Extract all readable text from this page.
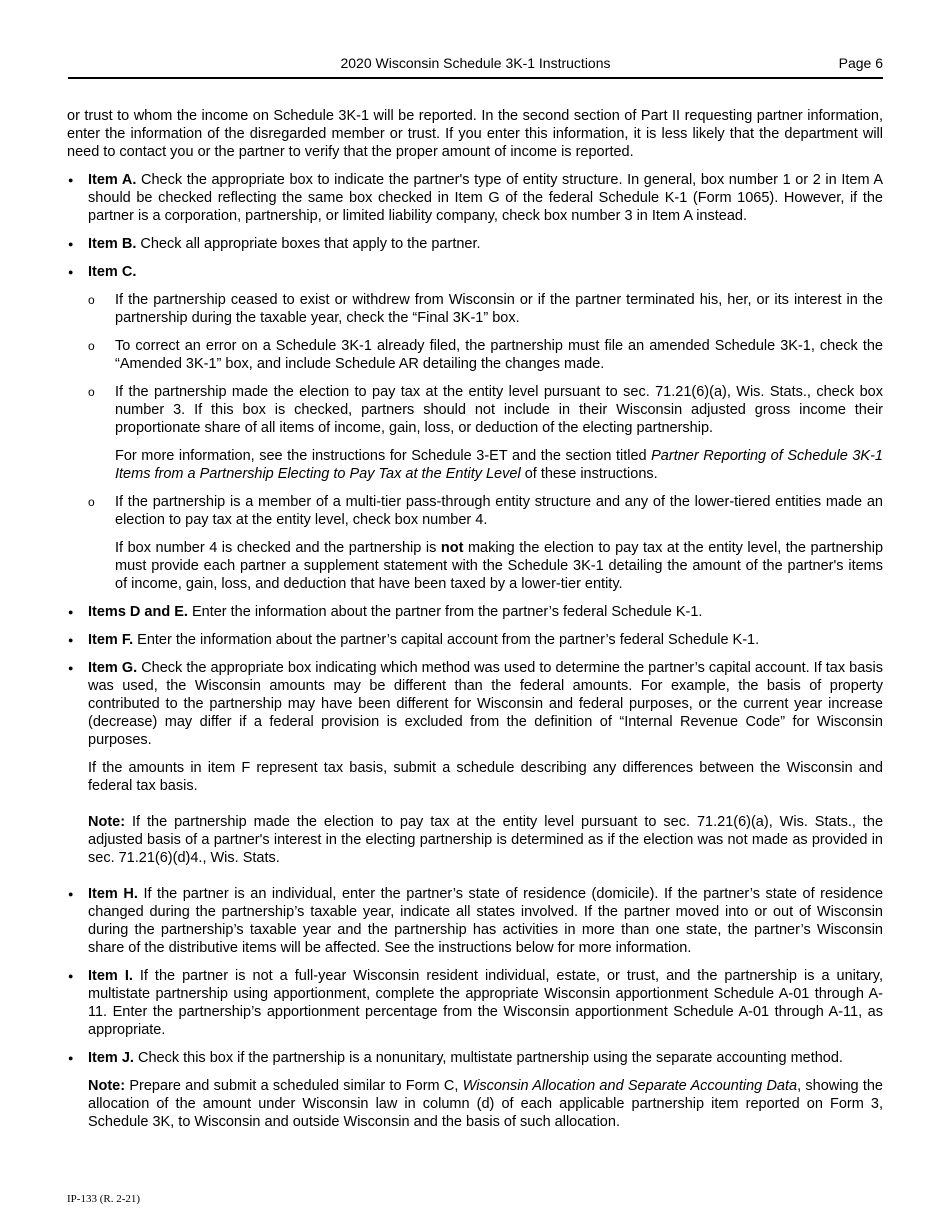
2020 Wisconsin Schedule 3K-1 Instructions	Page 6

or trust to whom the income on Schedule 3K-1 will be reported. In the second section of Part II requesting partner information, enter the information of the disregarded member or trust. If you enter this information, it is less likely that the department will need to contact you or the partner to verify that the proper amount of income is reported.

● Item A. Check the appropriate box to indicate the partner's type of entity structure. In general, box number 1 or 2 in Item A should be checked reflecting the same box checked in Item G of the federal Schedule K-1 (Form 1065). However, if the partner is a corporation, partnership, or limited liability company, check box number 3 in Item A instead.
● Item B. Check all appropriate boxes that apply to the partner.
● Item C.

o If the partnership ceased to exist or withdrew from Wisconsin or if the partner terminated his, her, or its interest in the partnership during the taxable year, check the “Final 3K-1” box.

o To correct an error on a Schedule 3K-1 already filed, the partnership must file an amended Schedule 3K-1, check the “Amended 3K-1” box, and include Schedule AR detailing the changes made.

o If the partnership made the election to pay tax at the entity level pursuant to sec. 71.21(6)(a), Wis. Stats., check box number 3. If this box is checked, partners should not include in their Wisconsin adjusted gross income their proportionate share of all items of income, gain, loss, or deduction of the electing partnership.

For more information, see the instructions for Schedule 3-ET and the section titled Partner Reporting of Schedule 3K-1 Items from a Partnership Electing to Pay Tax at the Entity Level of these instructions.

o If the partnership is a member of a multi-tier pass-through entity structure and any of the lower-tiered entities made an election to pay tax at the entity level, check box number 4.

If box number 4 is checked and the partnership is not making the election to pay tax at the entity level, the partnership must provide each partner a supplement statement with the Schedule 3K-1 detailing the amount of the partner's items of income, gain, loss, and deduction that have been taxed by a lower-tier entity.

● Items D and E. Enter the information about the partner from the partner’s federal Schedule K-1.
● Item F. Enter the information about the partner’s capital account from the partner’s federal Schedule K-1.
● Item G. Check the appropriate box indicating which method was used to determine the partner’s capital account. If tax basis was used, the Wisconsin amounts may be different than the federal amounts. For example, the basis of property contributed to the partnership may have been different for Wisconsin and federal purposes, or the current year increase (decrease) may differ if a federal provision is excluded from the definition of “Internal Revenue Code” for Wisconsin purposes.

If the amounts in item F represent tax basis, submit a schedule describing any differences between the Wisconsin and federal tax basis.

Note: If the partnership made the election to pay tax at the entity level pursuant to sec. 71.21(6)(a), Wis. Stats., the adjusted basis of a partner's interest in the electing partnership is determined as if the election was not made as provided in sec. 71.21(6)(d)4., Wis. Stats.

● Item H. If the partner is an individual, enter the partner’s state of residence (domicile). If the partner’s state of residence changed during the partnership’s taxable year, indicate all states involved. If the partner moved into or out of Wisconsin during the partnership’s taxable year and the partnership has activities in more than one state, the partner’s Wisconsin share of the distributive items will be affected. See the instructions below for more information.
● Item I. If the partner is not a full-year Wisconsin resident individual, estate, or trust, and the partnership is a unitary, multistate partnership using apportionment, complete the appropriate Wisconsin apportionment Schedule A-01 through A-11. Enter the partnership’s apportionment percentage from the Wisconsin apportionment Schedule A-01 through A-11, as appropriate.
● Item J. Check this box if the partnership is a nonunitary, multistate partnership using the separate accounting method.

Note: Prepare and submit a scheduled similar to Form C, Wisconsin Allocation and Separate Accounting Data, showing the allocation of the amount under Wisconsin law in column (d) of each applicable partnership item reported on Form 3, Schedule 3K, to Wisconsin and outside Wisconsin and the basis of such allocation.

IP-133 (R. 2-21)
